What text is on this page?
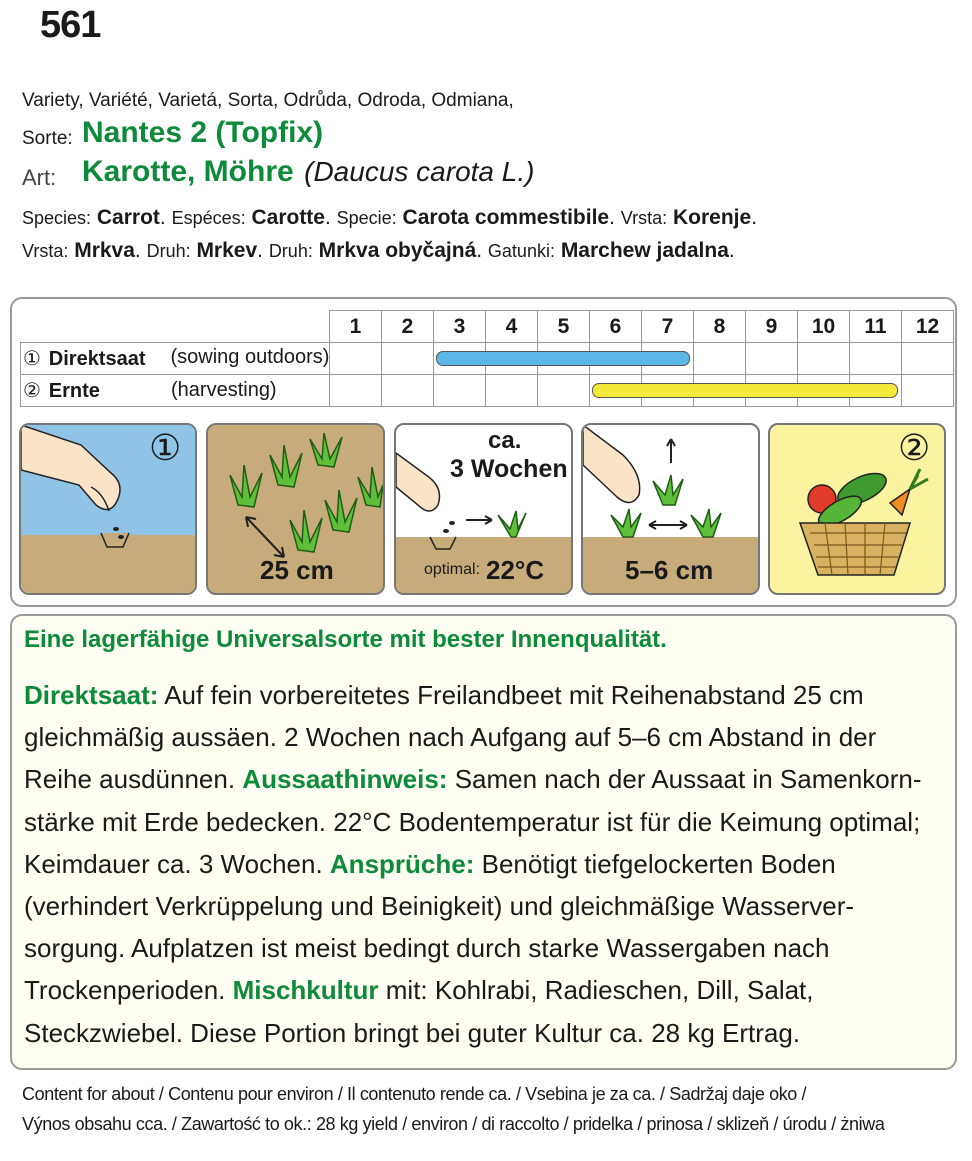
561
Variety, Variété, Varietá, Sorta, Odrůda, Odroda, Odmiana,
Sorte: Nantes 2 (Topfix)
Art: Karotte, Möhre (Daucus carota L.)
Species: Carrot. Espéces: Carotte. Specie: Carota commestibile. Vrsta: Korenje.
Vrsta: Mrkva. Druh: Mrkev. Druh: Mrkva obyčajná. Gatunki: Marchew jadalna.
	1	2	3	4	5	6	7	8	9	10	11	12
① Direktsaat (sowing outdoors)												

② Ernte (harvesting)												

①
25 cm
ca.
3 Wochen
optimal: 22°C	5–6 cm
②
Eine lagerfähige Universalsorte mit bester Innenqualität.
Direktsaat: Auf fein vorbereitetes Freilandbeet mit Reihenabstand 25 cm
gleichmäßig aussäen. 2 Wochen nach Aufgang auf 5–6 cm Abstand in der
Reihe ausdünnen. Aussaathinweis: Samen nach der Aussaat in Samenkorn-
stärke mit Erde bedecken. 22°C Bodentemperatur ist für die Keimung optimal;
Keimdauer ca. 3 Wochen. Ansprüche: Benötigt tiefgelockerten Boden
(verhindert Verkrüppelung und Beinigkeit) und gleichmäßige Wasserver-
sorgung. Aufplatzen ist meist bedingt durch starke Wassergaben nach
Trockenperioden. Mischkultur mit: Kohlrabi, Radieschen, Dill, Salat,
Steckzwiebel. Diese Portion bringt bei guter Kultur ca. 28 kg Ertrag.
Content for about / Contenu pour environ / Il contenuto rende ca. / Vsebina je za ca. / Sadržaj daje oko /
Výnos obsahu cca. / Zawartość to ok.: 28 kg yield / environ / di raccolto / pridelka / prinosa / sklizeň / úrodu / żniwa
